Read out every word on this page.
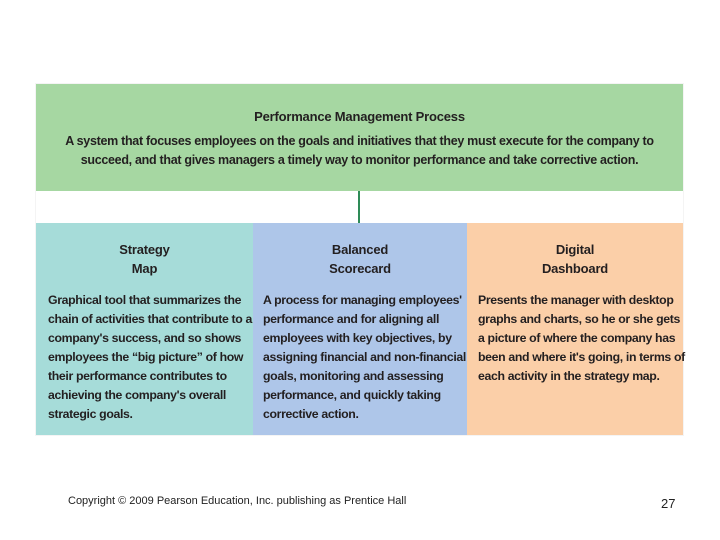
Performance Management Process
A system that focuses employees on the goals and initiatives that they must execute for the company to succeed, and that gives managers a timely way to monitor performance and take corrective action.
Strategy
Map
Graphical tool that summarizes the
chain of activities that contribute to a
company's success, and so shows
employees the “big picture” of how
their performance contributes to
achieving the company's overall
strategic goals.
Balanced
Scorecard
A process for managing employees'
performance and for aligning all
employees with key objectives, by
assigning financial and non-financial
goals, monitoring and assessing
performance, and quickly taking
corrective action.
Digital
Dashboard
Presents the manager with desktop
graphs and charts, so he or she gets
a picture of where the company has
been and where it's going, in terms of
each activity in the strategy map.
Copyright © 2009 Pearson Education, Inc. publishing as Prentice Hall	27
